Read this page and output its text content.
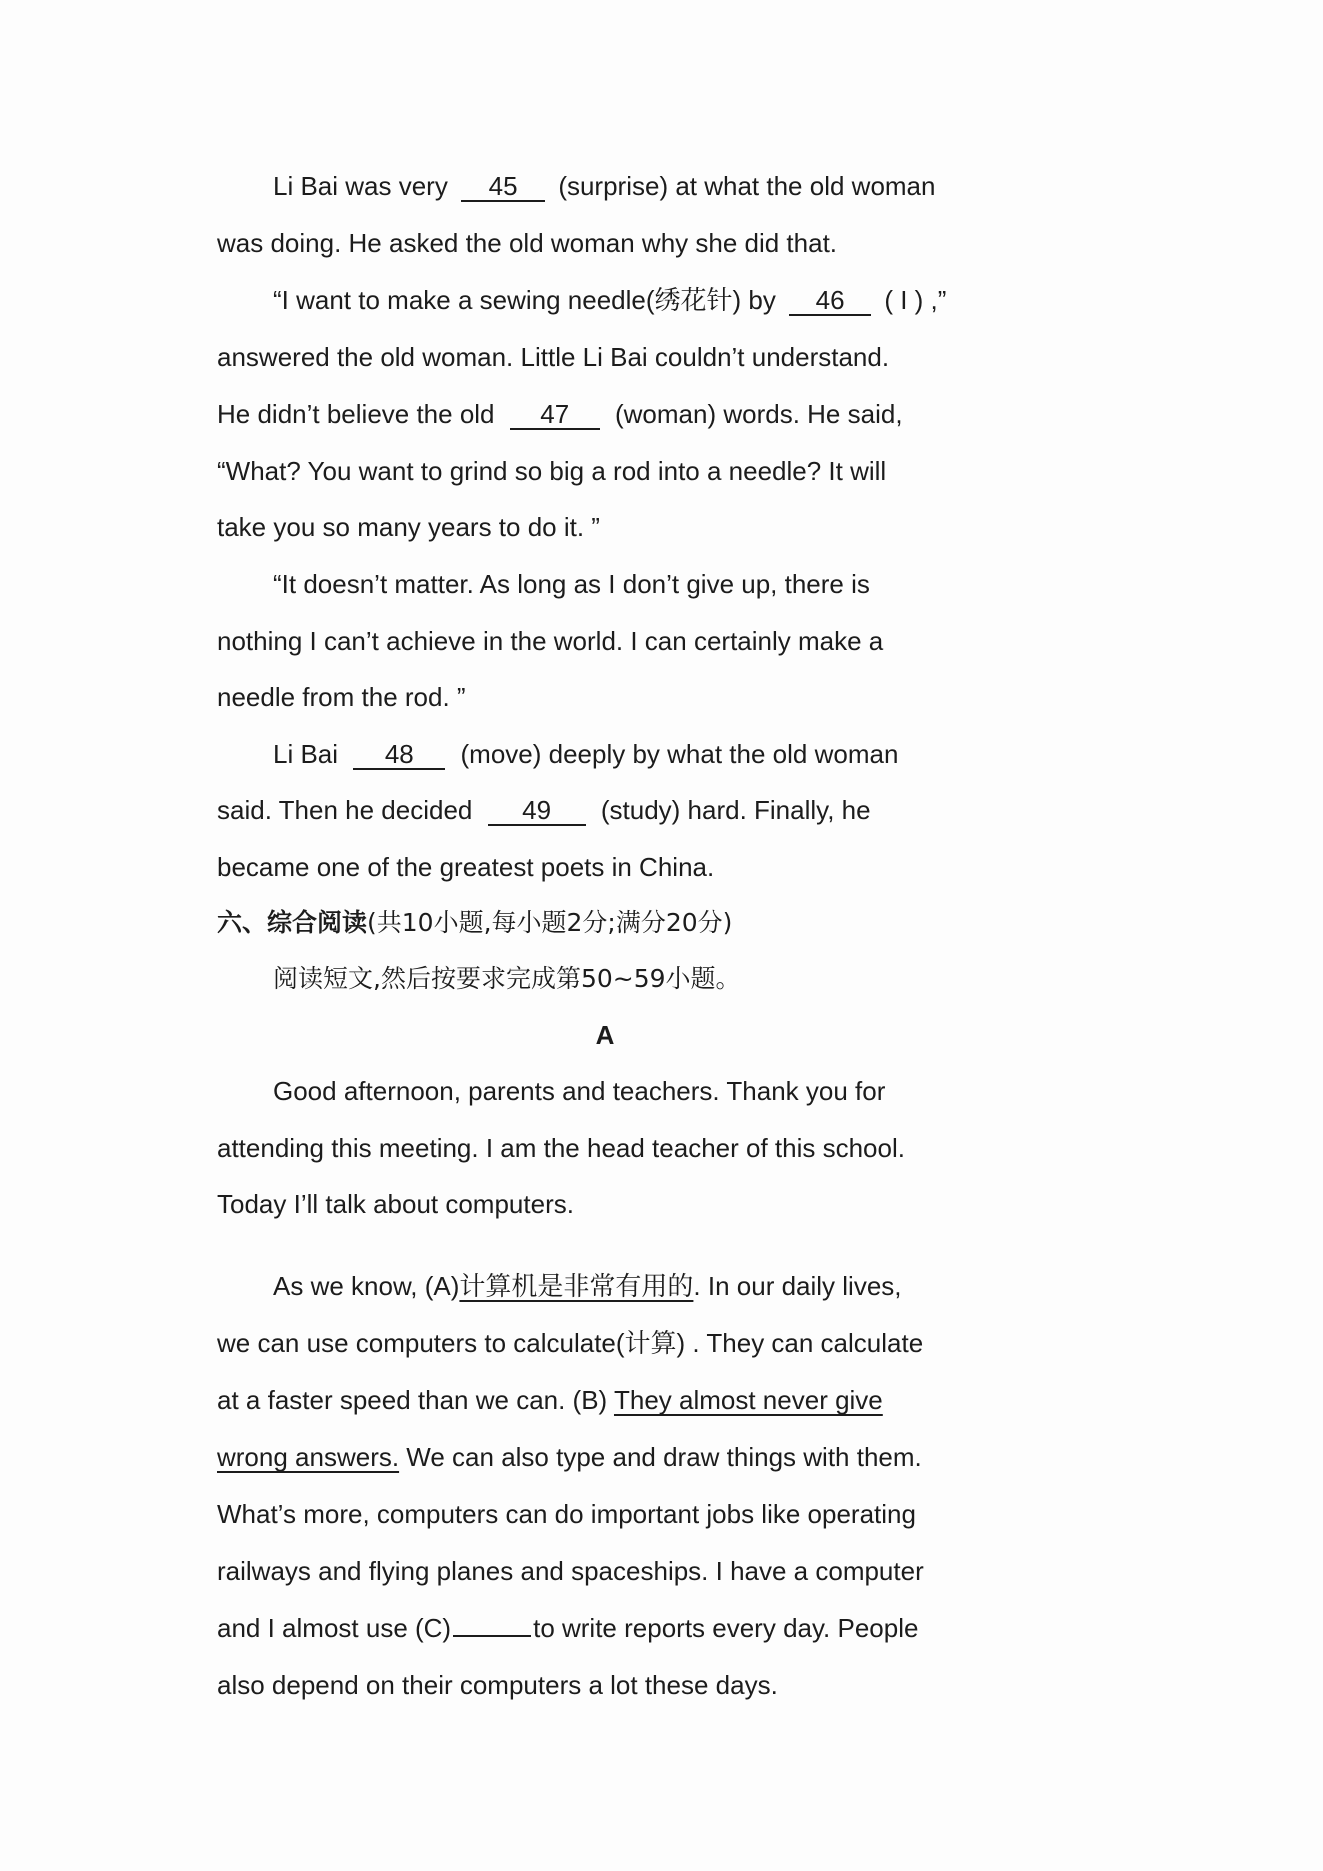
Li Bai was very 45 (surprise) at what the old woman
was doing. He asked the old woman why she did that.
“I want to make a sewing needle(绣花针) by 46 ( I ) ,”
answered the old woman. Little Li Bai couldn’t understand.
He didn’t believe the old 47 (woman) words. He said,
“What? You want to grind so big a rod into a needle? It will
take you so many years to do it. ”
“It doesn’t matter. As long as I don’t give up, there is
nothing I can’t achieve in the world. I can certainly make a
needle from the rod. ”
Li Bai 48 (move) deeply by what the old woman
said. Then he decided 49 (study) hard. Finally, he
became one of the greatest poets in China.
六、综合阅读(共10小题,每小题2分;满分20分)
阅读短文,然后按要求完成第50~59小题。
A
Good afternoon, parents and teachers. Thank you for
attending this meeting. I am the head teacher of this school.
Today I’ll talk about computers.
As we know, (A)计算机是非常有用的. In our daily lives,
we can use computers to calculate(计算) . They can calculate
at a faster speed than we can. (B) They almost never give
wrong answers. We can also type and draw things with them.
What’s more, computers can do important jobs like operating
railways and flying planes and spaceships. I have a computer
and I almost use (C)	to write reports every day. People
also depend on their computers a lot these days.
